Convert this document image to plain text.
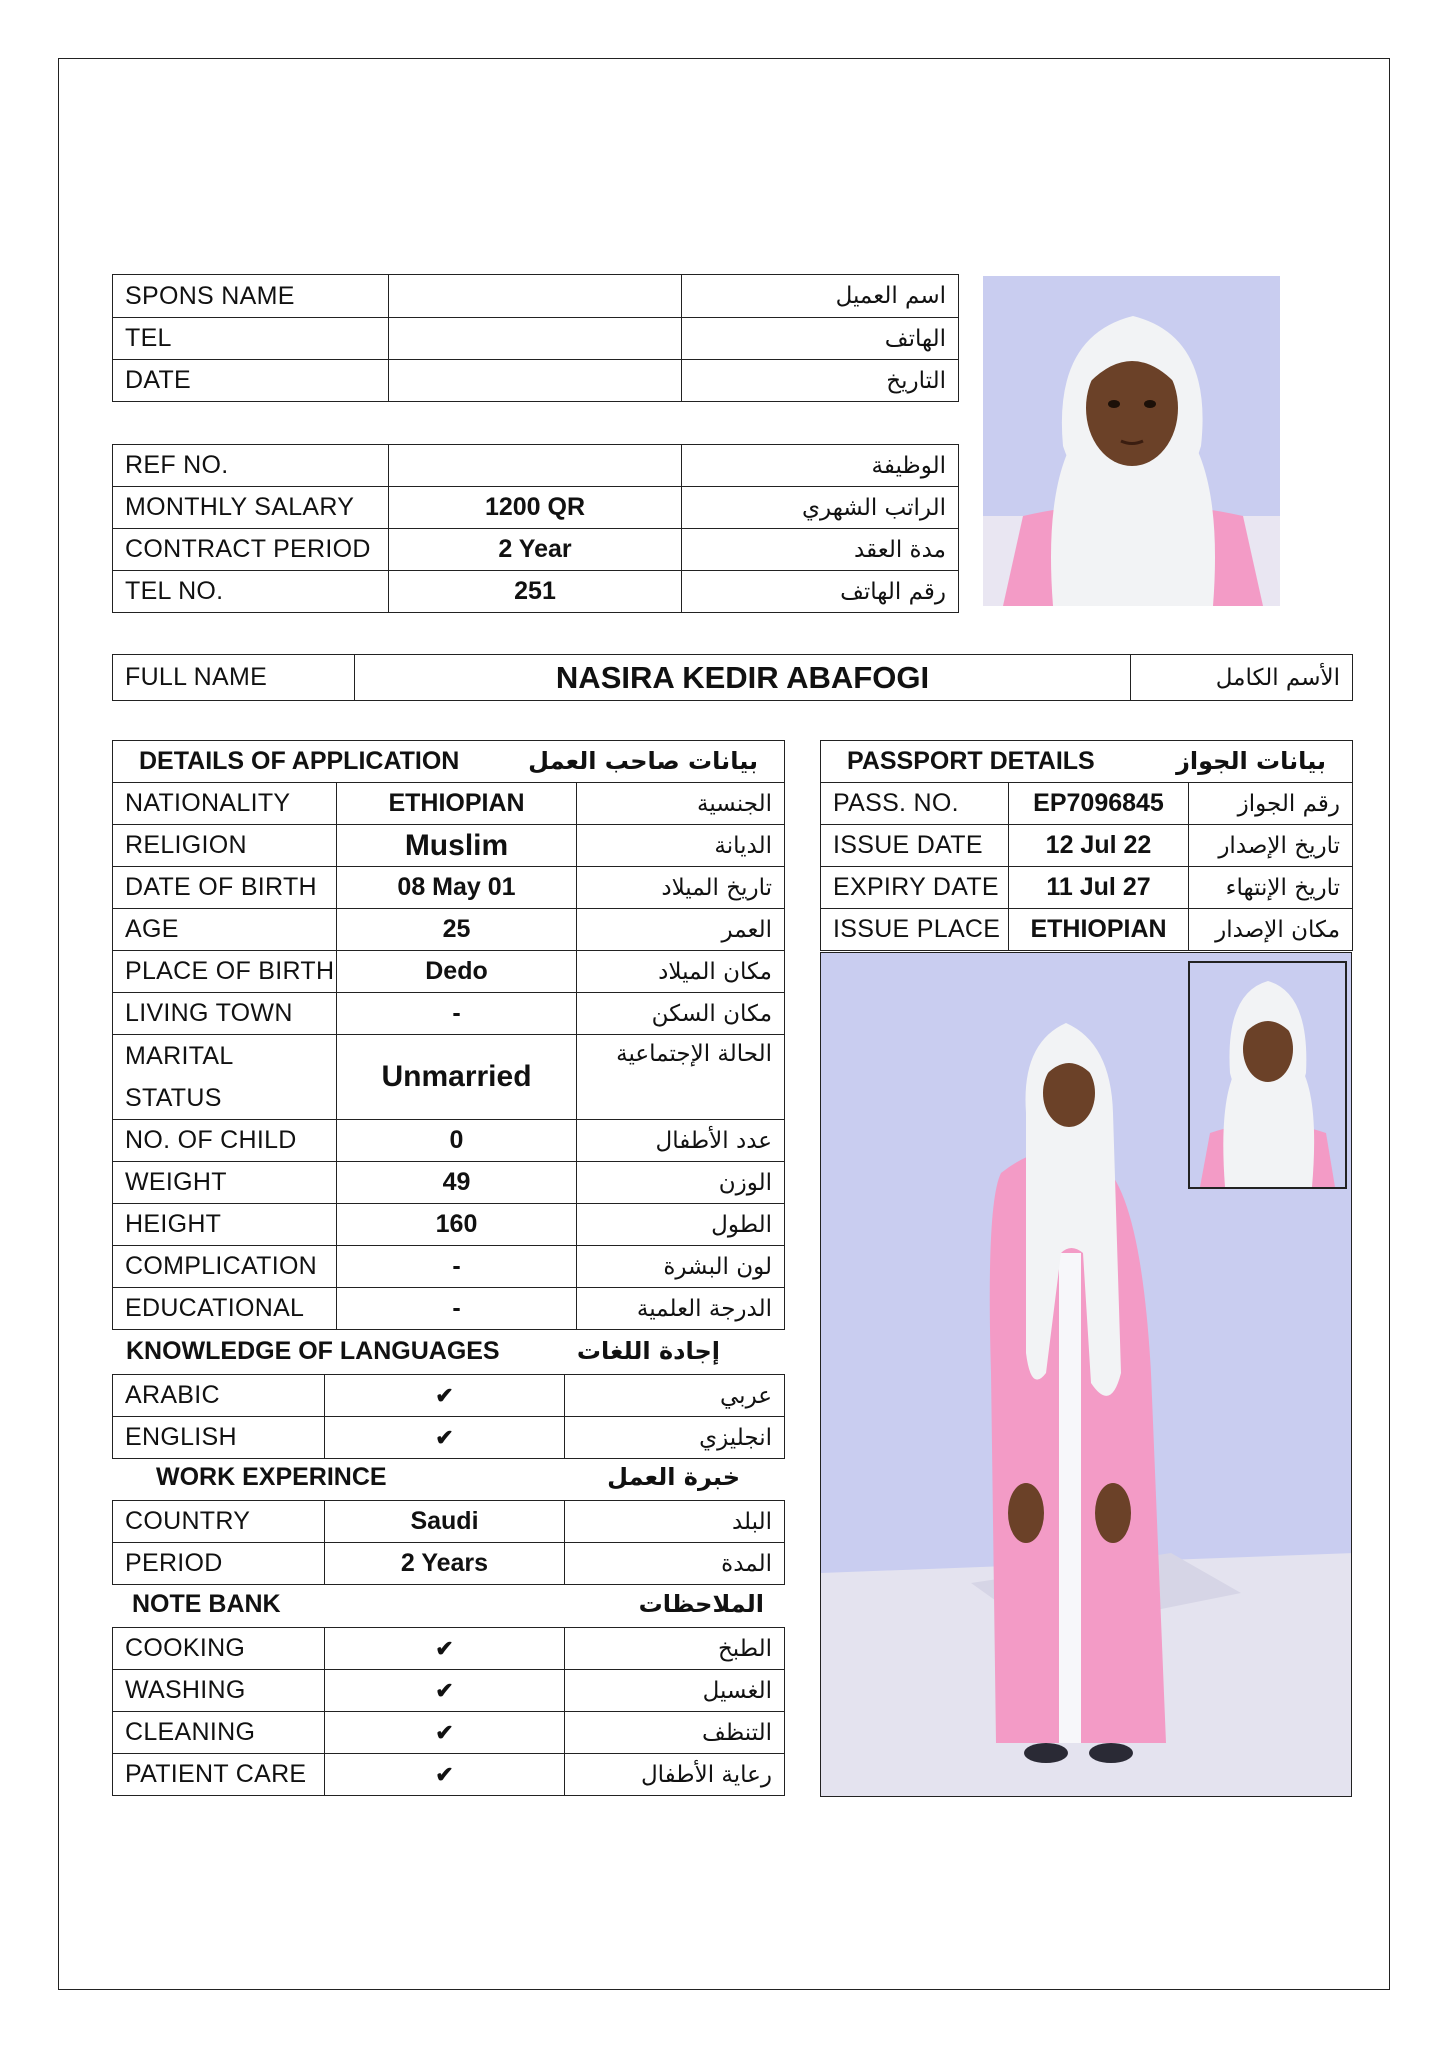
SPONS NAME		اسم العميل
TEL		الهاتف
DATE		التاريخ
REF NO.		الوظيفة
MONTHLY SALARY	1200 QR	الراتب الشهري
CONTRACT PERIOD	2 Year	مدة العقد
TEL NO.	251	رقم الهاتف
FULL NAME	NASIRA KEDIR ABAFOGI	الأسم الكامل
DETAILS OF APPLICATION بيانات صاحب العمل		

NATIONALITY	ETHIOPIAN	الجنسية
RELIGION	Muslim	الديانة
DATE OF BIRTH	08 May 01	تاريخ الميلاد
AGE	25	العمر
PLACE OF BIRTH	Dedo	مكان الميلاد
LIVING TOWN	-	مكان السكن

MARITAL
STATUS	Unmarried	الحالة الإجتماعية
NO. OF CHILD	0	عدد الأطفال
WEIGHT	49	الوزن
HEIGHT	160	الطول
COMPLICATION	-	لون البشرة
EDUCATIONAL	-	الدرجة العلمية
KNOWLEDGE OF LANGUAGES	إجادة اللغات
ARABIC	✔	عربي
ENGLISH	✔	انجليزي
WORK EXPERINCE	خبرة العمل
COUNTRY	Saudi	البلد
PERIOD	2 Years	المدة
NOTE BANK	الملاحظات
COOKING	✔	الطبخ
WASHING	✔	الغسيل
CLEANING	✔	التنظف
PATIENT CARE	✔	رعاية الأطفال
PASSPORT DETAILS بيانات الجواز		

PASS. NO.	EP7096845	رقم الجواز
ISSUE DATE	12 Jul 22	تاريخ الإصدار
EXPIRY DATE	11 Jul 27	تاريخ الإنتهاء
ISSUE PLACE	ETHIOPIAN	مكان الإصدار
